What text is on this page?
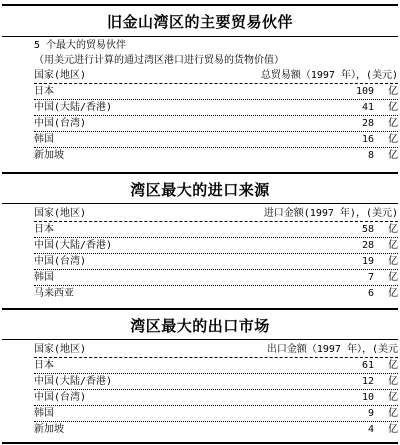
旧金山湾区的主要贸易伙伴
5 个最大的贸易伙伴
（用美元进行计算的通过湾区港口进行贸易的货物价值）
国家(地区)	总贸易额（1997 年），(美元)
日本	109 亿
中国(大陆/香港)	41 亿
中国(台湾)	28 亿
韩国	16 亿
新加坡	8 亿
湾区最大的进口来源
国家(地区)	进口金额(1997 年)，(美元)
日本	58 亿
中国(大陆/香港)	28 亿
中国(台湾)	19 亿
韩国	7 亿
马来西亚	6 亿
湾区最大的出口市场
国家(地区)	出口金额（1997 年），(美元
日本	61 亿
中国(大陆/香港)	12 亿
中国(台湾)	10 亿
韩国	9 亿
新加坡	4 亿
